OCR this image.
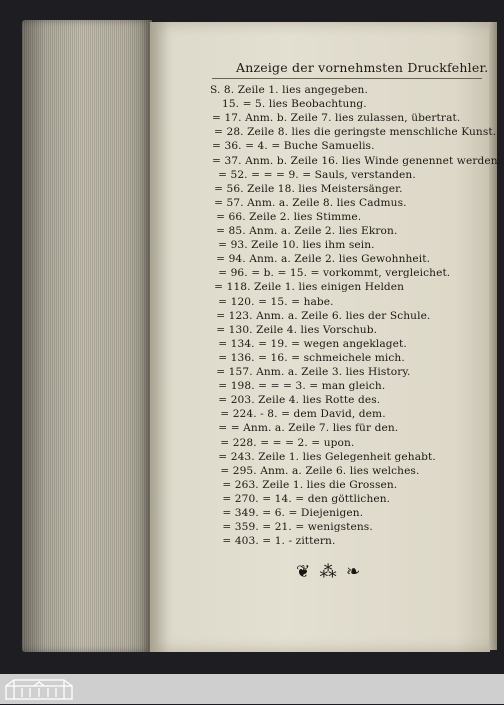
Anzeige der vornehmsten Druckfehler.
S. 8. Zeile 1. lies angegeben.
15. = 5. lies Beobachtung.
= 17. Anm. b. Zeile 7. lies zulassen, übertrat.
= 28. Zeile 8. lies die geringste menschliche Kunst.
= 36. = 4. = Buche Samuelis.
= 37. Anm. b. Zeile 16. lies Winde genennet werden.
= 52. = = = 9. = Sauls, verstanden.
= 56. Zeile 18. lies Meistersänger.
= 57. Anm. a. Zeile 8. lies Cadmus.
= 66. Zeile 2. lies Stimme.
= 85. Anm. a. Zeile 2. lies Ekron.
= 93. Zeile 10. lies ihm sein.
= 94. Anm. a. Zeile 2. lies Gewohnheit.
= 96. = b. = 15. = vorkommt, vergleichet.
= 118. Zeile 1. lies einigen Helden
= 120. = 15. = habe.
= 123. Anm. a. Zeile 6. lies der Schule.
= 130. Zeile 4. lies Vorschub.
= 134. = 19. = wegen angeklaget.
= 136. = 16. = schmeichele mich.
= 157. Anm. a. Zeile 3. lies History.
= 198. = = = 3. = man gleich.
= 203. Zeile 4. lies Rotte des.
= 224. - 8. = dem David, dem.
= = Anm. a. Zeile 7. lies für den.
= 228. = = = 2. = upon.
= 243. Zeile 1. lies Gelegenheit gehabt.
= 295. Anm. a. Zeile 6. lies welches.
= 263. Zeile 1. lies die Grossen.
= 270. = 14. = den göttlichen.
= 349. = 6. = Diejenigen.
= 359. = 21. = wenigstens.
= 403. = 1. - zittern.
❦ ⁂ ❧
